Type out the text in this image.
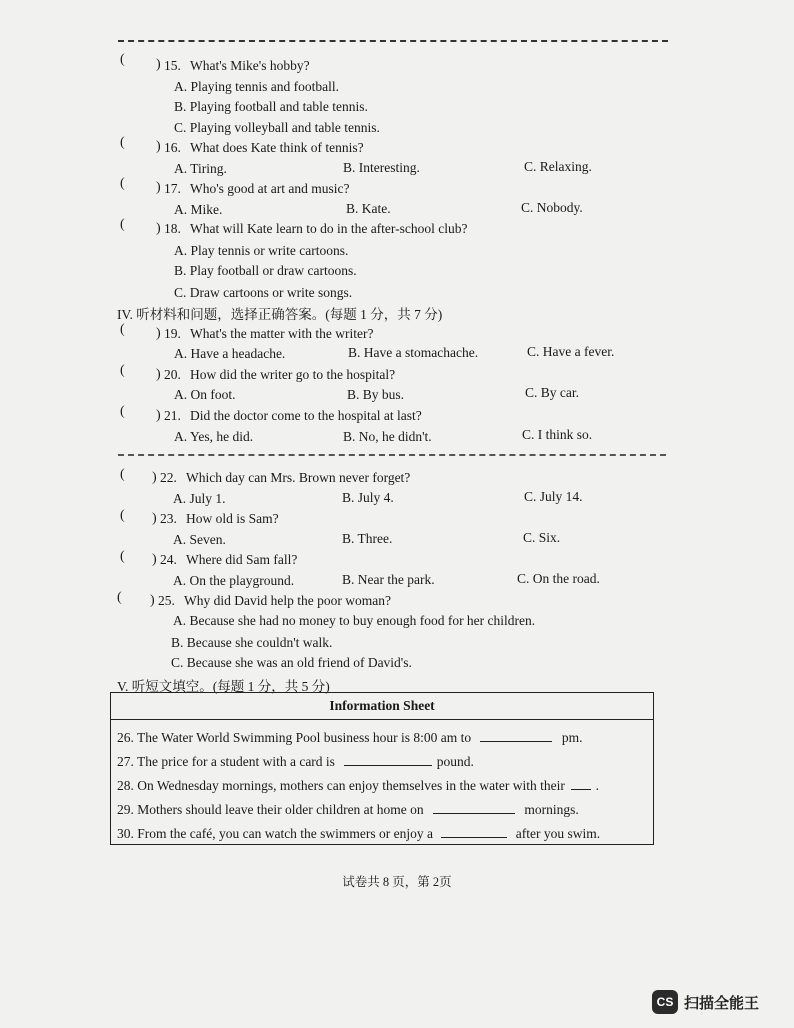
( ) 15. What's Mike's hobby?
A. Playing tennis and football.
B. Playing football and table tennis.
C. Playing volleyball and table tennis.
( ) 16. What does Kate think of tennis?
A. Tiring.	B. Interesting.	C. Relaxing.
( ) 17. Who's good at art and music?
A. Mike.	B. Kate.	C. Nobody.
( ) 18. What will Kate learn to do in the after-school club?
A. Play tennis or write cartoons.
B. Play football or draw cartoons.
C. Draw cartoons or write songs.
IV. 听材料和问题，选择正确答案。(每题 1 分，共 7 分)
( ) 19. What's the matter with the writer?
A. Have a headache.	B. Have a stomachache.	C. Have a fever.
( ) 20. How did the writer go to the hospital?
A. On foot.	B. By bus.	C. By car.
( ) 21. Did the doctor come to the hospital at last?
A. Yes, he did.	B. No, he didn't.	C. I think so.
( ) 22. Which day can Mrs. Brown never forget?
A. July 1.	B. July 4.	C. July 14.
( ) 23. How old is Sam?
A. Seven.	B. Three.	C. Six.
( ) 24. Where did Sam fall?
A. On the playground.	B. Near the park.	C. On the road.
( ) 25. Why did David help the poor woman?
A. Because she had no money to buy enough food for her children.
B. Because she couldn't walk.
C. Because she was an old friend of David's.
V. 听短文填空。(每题 1 分，共 5 分)
Information Sheet
26. The Water World Swimming Pool business hour is 8:00 am to	pm.
27. The price for a student with a card is	pound.
28. On Wednesday mornings, mothers can enjoy themselves in the water with their .
29. Mothers should leave their older children at home on	mornings.
30. From the café, you can watch the swimmers or enjoy a	after you swim.
试卷共 8 页，第 2页
CS 扫描全能王
